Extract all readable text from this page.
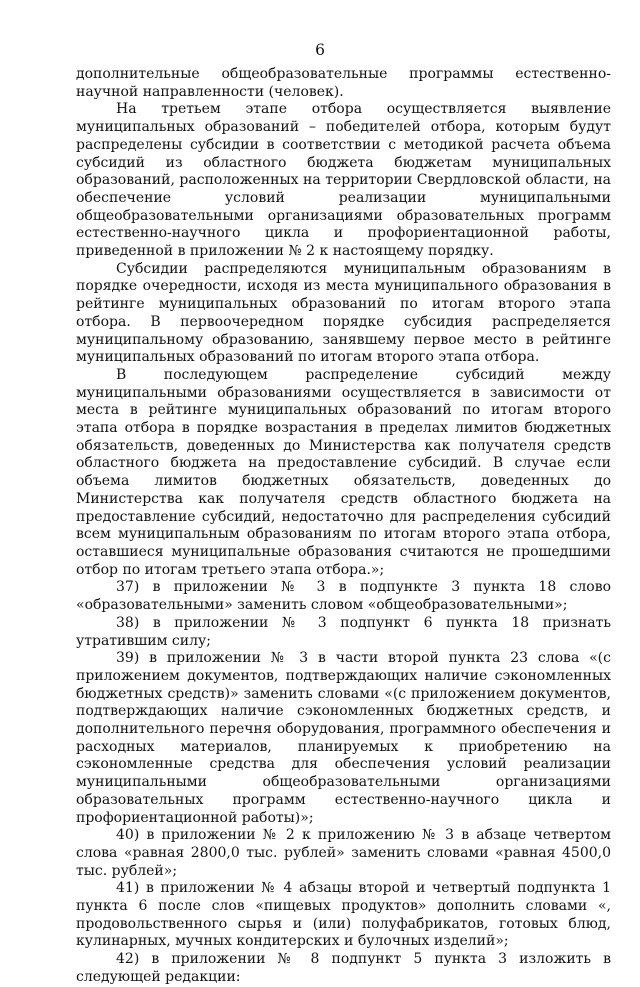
6

дополнительные общеобразовательные программы естественно-научной направленности (человек).

На третьем этапе отбора осуществляется выявление муниципальных образований – победителей отбора, которым будут распределены субсидии в соответствии с методикой расчета объема субсидий из областного бюджета бюджетам муниципальных образований, расположенных на территории Свердловской области, на обеспечение условий реализации муниципальными общеобразовательными организациями образовательных программ естественно-научного цикла и профориентационной работы, приведенной в приложении № 2 к настоящему порядку.

Субсидии распределяются муниципальным образованиям в порядке очередности, исходя из места муниципального образования в рейтинге муниципальных образований по итогам второго этапа отбора. В первоочередном порядке субсидия распределяется муниципальному образованию, занявшему первое место в рейтинге муниципальных образований по итогам второго этапа отбора.

В последующем распределение субсидий между муниципальными образованиями осуществляется в зависимости от места в рейтинге муниципальных образований по итогам второго этапа отбора в порядке возрастания в пределах лимитов бюджетных обязательств, доведенных до Министерства как получателя средств областного бюджета на предоставление субсидий. В случае если объема лимитов бюджетных обязательств, доведенных до Министерства как получателя средств областного бюджета на предоставление субсидий, недостаточно для распределения субсидий всем муниципальным образованиям по итогам второго этапа отбора, оставшиеся муниципальные образования считаются не прошедшими отбор по итогам третьего этапа отбора.»;

37) в приложении № 3 в подпункте 3 пункта 18 слово «образовательными» заменить словом «общеобразовательными»;

38) в приложении № 3 подпункт 6 пункта 18 признать утратившим силу;

39) в приложении № 3 в части второй пункта 23 слова «(с приложением документов, подтверждающих наличие сэкономленных бюджетных средств)» заменить словами «(с приложением документов, подтверждающих наличие сэкономленных бюджетных средств, и дополнительного перечня оборудования, программного обеспечения и расходных материалов, планируемых к приобретению на сэкономленные средства для обеспечения условий реализации муниципальными общеобразовательными организациями образовательных программ естественно-научного цикла и профориентационной работы)»;

40) в приложении № 2 к приложению № 3 в абзаце четвертом слова «равная 2800,0 тыс. рублей» заменить словами «равная 4500,0 тыс. рублей»;

41) в приложении № 4 абзацы второй и четвертый подпункта 1 пункта 6 после слов «пищевых продуктов» дополнить словами «, продовольственного сырья и (или) полуфабрикатов, готовых блюд, кулинарных, мучных кондитерских и булочных изделий»;

42) в приложении № 8 подпункт 5 пункта 3 изложить в следующей редакции:
